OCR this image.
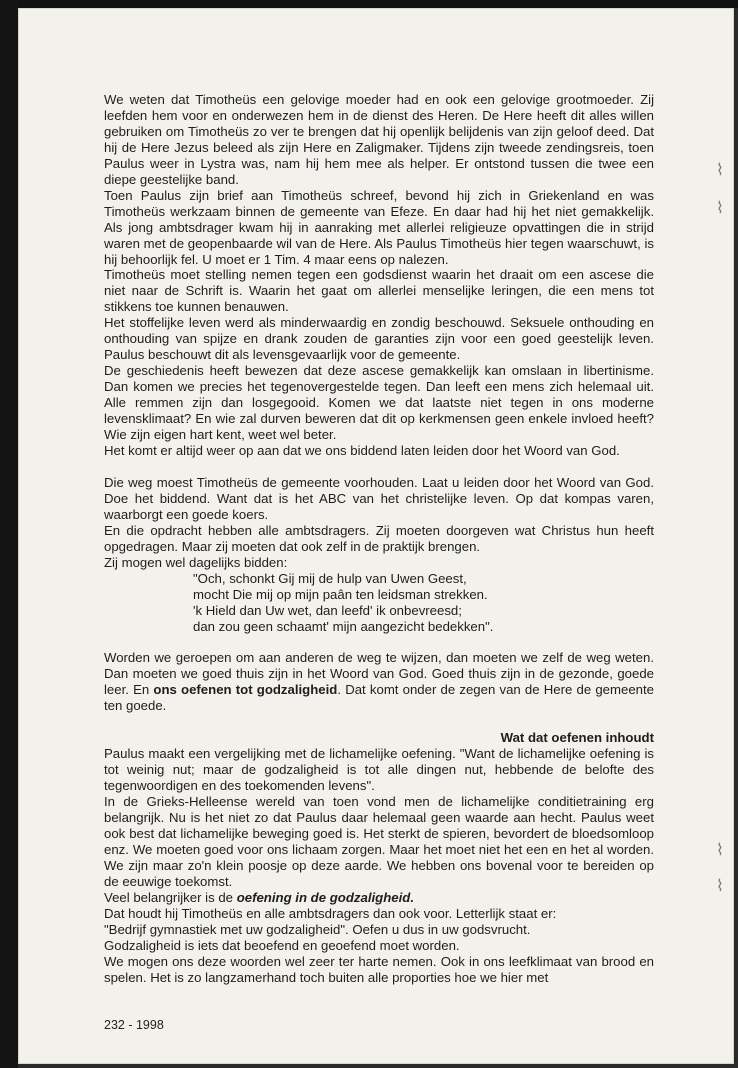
We weten dat Timotheüs een gelovige moeder had en ook een gelovige grootmoeder. Zij leefden hem voor en onderwezen hem in de dienst des Heren. De Here heeft dit alles willen gebruiken om Timotheüs zo ver te brengen dat hij openlijk belijdenis van zijn geloof deed. Dat hij de Here Jezus beleed als zijn Here en Zaligmaker. Tijdens zijn tweede zendingsreis, toen Paulus weer in Lystra was, nam hij hem mee als helper. Er ontstond tussen die twee een diepe geestelijke band.

Toen Paulus zijn brief aan Timotheüs schreef, bevond hij zich in Griekenland en was Timotheüs werkzaam binnen de gemeente van Efeze. En daar had hij het niet gemakkelijk. Als jong ambtsdrager kwam hij in aanraking met allerlei religieuze opvattingen die in strijd waren met de geopenbaarde wil van de Here. Als Paulus Timotheüs hier tegen waarschuwt, is hij behoorlijk fel. U moet er 1 Tim. 4 maar eens op nalezen.

Timotheüs moet stelling nemen tegen een godsdienst waarin het draait om een ascese die niet naar de Schrift is. Waarin het gaat om allerlei menselijke leringen, die een mens tot stikkens toe kunnen benauwen.

Het stoffelijke leven werd als minderwaardig en zondig beschouwd. Seksuele onthouding en onthouding van spijze en drank zouden de garanties zijn voor een goed geestelijk leven. Paulus beschouwt dit als levensgevaarlijk voor de gemeente.

De geschiedenis heeft bewezen dat deze ascese gemakkelijk kan omslaan in libertinisme. Dan komen we precies het tegenovergestelde tegen. Dan leeft een mens zich helemaal uit. Alle remmen zijn dan losgegooid. Komen we dat laatste niet tegen in ons moderne levensklimaat? En wie zal durven beweren dat dit op kerkmensen geen enkele invloed heeft? Wie zijn eigen hart kent, weet wel beter.

Het komt er altijd weer op aan dat we ons biddend laten leiden door het Woord van God.

Die weg moest Timotheüs de gemeente voorhouden. Laat u leiden door het Woord van God. Doe het biddend. Want dat is het ABC van het christelijke leven. Op dat kompas varen, waarborgt een goede koers.

En die opdracht hebben alle ambtsdragers. Zij moeten doorgeven wat Christus hun heeft opgedragen. Maar zij moeten dat ook zelf in de praktijk brengen.

Zij mogen wel dagelijks bidden:

"Och, schonkt Gij mij de hulp van Uwen Geest,

mocht Die mij op mijn paân ten leidsman strekken.

'k Hield dan Uw wet, dan leefd' ik onbevreesd;

dan zou geen schaamt' mijn aangezicht bedekken".

Worden we geroepen om aan anderen de weg te wijzen, dan moeten we zelf de weg weten. Dan moeten we goed thuis zijn in het Woord van God. Goed thuis zijn in de gezonde, goede leer. En ons oefenen tot godzaligheid. Dat komt onder de zegen van de Here de gemeente ten goede.

Wat dat oefenen inhoudt

Paulus maakt een vergelijking met de lichamelijke oefening. "Want de lichamelijke oefening is tot weinig nut; maar de godzaligheid is tot alle dingen nut, hebbende de belofte des tegenwoordigen en des toekomenden levens".

In de Grieks-Helleense wereld van toen vond men de lichamelijke conditietraining erg belangrijk. Nu is het niet zo dat Paulus daar helemaal geen waarde aan hecht. Paulus weet ook best dat lichamelijke beweging goed is. Het sterkt de spieren, bevordert de bloedsomloop enz. We moeten goed voor ons lichaam zorgen. Maar het moet niet het een en het al worden. We zijn maar zo'n klein poosje op deze aarde. We hebben ons bovenal voor te bereiden op de eeuwige toekomst.

Veel belangrijker is de oefening in de godzaligheid.

Dat houdt hij Timotheüs en alle ambtsdragers dan ook voor. Letterlijk staat er:

"Bedrijf gymnastiek met uw godzaligheid". Oefen u dus in uw godsvrucht.

Godzaligheid is iets dat beoefend en geoefend moet worden.

We mogen ons deze woorden wel zeer ter harte nemen. Ook in ons leefklimaat van brood en spelen. Het is zo langzamerhand toch buiten alle proporties hoe we hier met

232 - 1998
⌇
⌇
⌇
⌇
